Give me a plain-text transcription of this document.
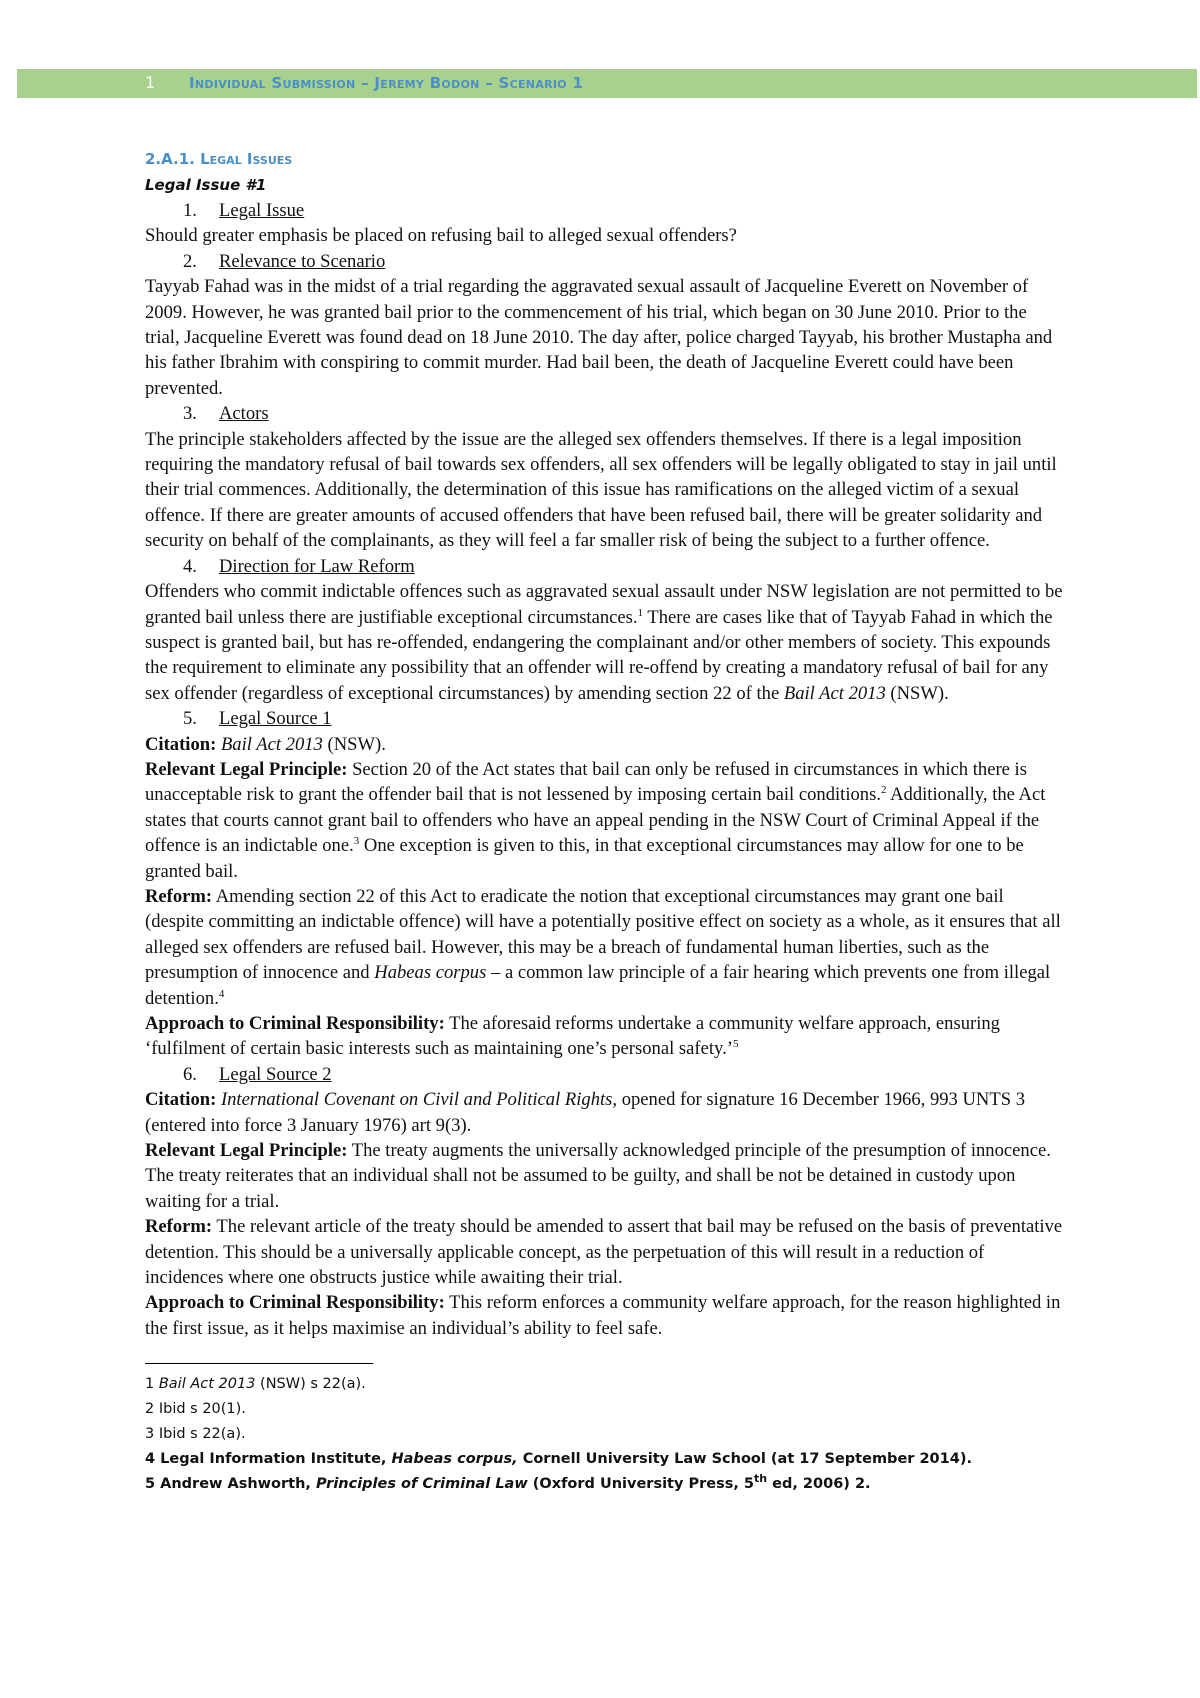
1 Individual Submission – Jeremy Bodon – Scenario 1

2.A.1. Legal Issues

Legal Issue #1

1. Legal Issue

Should greater emphasis be placed on refusing bail to alleged sexual offenders?

2. Relevance to Scenario

Tayyab Fahad was in the midst of a trial regarding the aggravated sexual assault of Jacqueline Everett on November of 2009. However, he was granted bail prior to the commencement of his trial, which began on 30 June 2010. Prior to the trial, Jacqueline Everett was found dead on 18 June 2010. The day after, police charged Tayyab, his brother Mustapha and his father Ibrahim with conspiring to commit murder. Had bail been, the death of Jacqueline Everett could have been prevented.

3. Actors

The principle stakeholders affected by the issue are the alleged sex offenders themselves. If there is a legal imposition requiring the mandatory refusal of bail towards sex offenders, all sex offenders will be legally obligated to stay in jail until their trial commences. Additionally, the determination of this issue has ramifications on the alleged victim of a sexual offence. If there are greater amounts of accused offenders that have been refused bail, there will be greater solidarity and security on behalf of the complainants, as they will feel a far smaller risk of being the subject to a further offence.

4. Direction for Law Reform

Offenders who commit indictable offences such as aggravated sexual assault under NSW legislation are not permitted to be granted bail unless there are justifiable exceptional circumstances.$^1$ There are cases like that of Tayyab Fahad in which the suspect is granted bail, but has re-offended, endangering the complainant and/or other members of society. This expounds the requirement to eliminate any possibility that an offender will re-offend by creating a mandatory refusal of bail for any sex offender (regardless of exceptional circumstances) by amending section 22 of the Bail Act 2013 (NSW).

5. Legal Source 1

Citation: Bail Act 2013 (NSW).

Relevant Legal Principle: Section 20 of the Act states that bail can only be refused in circumstances in which there is unacceptable risk to grant the offender bail that is not lessened by imposing certain bail conditions.$^2$ Additionally, the Act states that courts cannot grant bail to offenders who have an appeal pending in the NSW Court of Criminal Appeal if the offence is an indictable one.$^3$ One exception is given to this, in that exceptional circumstances may allow for one to be granted bail.

Reform: Amending section 22 of this Act to eradicate the notion that exceptional circumstances may grant one bail (despite committing an indictable offence) will have a potentially positive effect on society as a whole, as it ensures that all alleged sex offenders are refused bail. However, this may be a breach of fundamental human liberties, such as the presumption of innocence and Habeas corpus – a common law principle of a fair hearing which prevents one from illegal detention.$^4$

Approach to Criminal Responsibility: The aforesaid reforms undertake a community welfare approach, ensuring ‘fulfilment of certain basic interests such as maintaining one’s personal safety.’$^5$

6. Legal Source 2

Citation: International Covenant on Civil and Political Rights, opened for signature 16 December 1966, 993 UNTS 3 (entered into force 3 January 1976) art 9(3).

Relevant Legal Principle: The treaty augments the universally acknowledged principle of the presumption of innocence. The treaty reiterates that an individual shall not be assumed to be guilty, and shall be not be detained in custody upon waiting for a trial.

Reform: The relevant article of the treaty should be amended to assert that bail may be refused on the basis of preventative detention. This should be a universally applicable concept, as the perpetuation of this will result in a reduction of incidences where one obstructs justice while awaiting their trial.

Approach to Criminal Responsibility: This reform enforces a community welfare approach, for the reason highlighted in the first issue, as it helps maximise an individual’s ability to feel safe.

1 Bail Act 2013 (NSW) s 22(a).

2 Ibid s 20(1).

3 Ibid s 22(a).

4 Legal Information Institute, Habeas corpus, Cornell University Law School (at 17 September 2014).

5 Andrew Ashworth, Principles of Criminal Law (Oxford University Press, 5th ed, 2006) 2.
